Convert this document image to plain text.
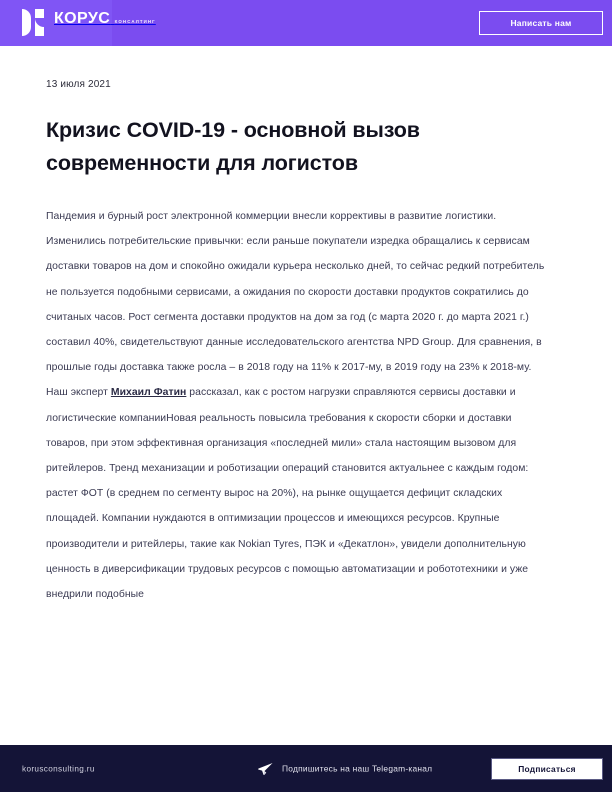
КОРУС КОНСАЛТИНГ	Написать нам
13 июля 2021
Кризис COVID-19 - основной вызов современности для логистов
Пандемия и бурный рост электронной коммерции внесли коррективы в развитие логистики. Изменились потребительские привычки: если раньше покупатели изредка обращались к сервисам доставки товаров на дом и спокойно ожидали курьера несколько дней, то сейчас редкий потребитель не пользуется подобными сервисами, а ожидания по скорости доставки продуктов сократились до считаных часов. Рост сегмента доставки продуктов на дом за год (с марта 2020 г. до марта 2021 г.) составил 40%, свидетельствуют данные исследовательского агентства NPD Group. Для сравнения, в прошлые годы доставка также росла – в 2018 году на 11% к 2017-му, в 2019 году на 23% к 2018-му. Наш эксперт Михаил Фатин рассказал, как с ростом нагрузки справляются сервисы доставки и логистические компанииНовая реальность повысила требования к скорости сборки и доставки товаров, при этом эффективная организация «последней мили» стала настоящим вызовом для ритейлеров. Тренд механизации и роботизации операций становится актуальнее с каждым годом: растет ФОТ (в среднем по сегменту вырос на 20%), на рынке ощущается дефицит складских площадей. Компании нуждаются в оптимизации процессов и имеющихся ресурсов. Крупные производители и ритейлеры, такие как Nokian Tyres, ПЭК и «Декатлон», увидели дополнительную ценность в диверсификации трудовых ресурсов с помощью автоматизации и робототехники и уже внедрили подобные
korusconsulting.ru	Подпишитесь на наш Telegam-канал	Подписаться
